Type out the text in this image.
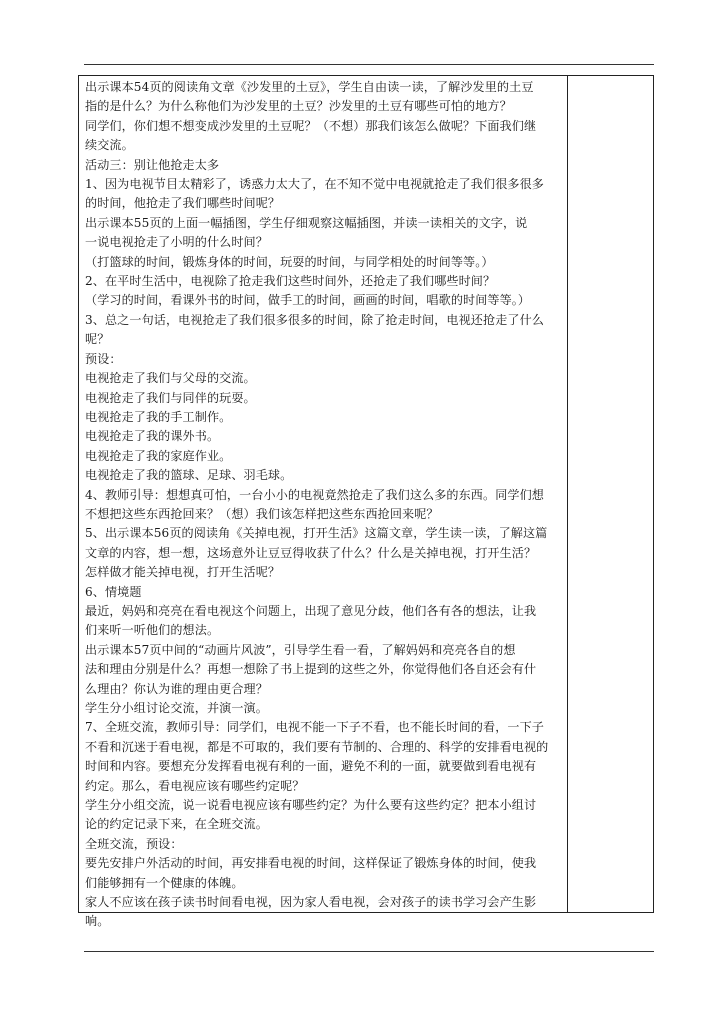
出示课本54页的阅读角文章《沙发里的土豆》，学生自由读一读，了解沙发里的土豆

指的是什么？为什么称他们为沙发里的土豆？沙发里的土豆有哪些可怕的地方？

同学们，你们想不想变成沙发里的土豆呢？（不想）那我们该怎么做呢？下面我们继

续交流。

活动三：别让他抢走太多

1、因为电视节目太精彩了，诱惑力太大了，在不知不觉中电视就抢走了我们很多很多

的时间，他抢走了我们哪些时间呢？

出示课本55页的上面一幅插图，学生仔细观察这幅插图，并读一读相关的文字，说

一说电视抢走了小明的什么时间？

（打篮球的时间，锻炼身体的时间，玩耍的时间，与同学相处的时间等等。）

2、在平时生活中，电视除了抢走我们这些时间外，还抢走了我们哪些时间？

（学习的时间，看课外书的时间，做手工的时间，画画的时间，唱歌的时间等等。）

3、总之一句话，电视抢走了我们很多很多的时间，除了抢走时间，电视还抢走了什么

呢？

预设：

电视抢走了我们与父母的交流。

电视抢走了我们与同伴的玩耍。

电视抢走了我的手工制作。

电视抢走了我的课外书。

电视抢走了我的家庭作业。

电视抢走了我的篮球、足球、羽毛球。

4、教师引导：想想真可怕，一台小小的电视竟然抢走了我们这么多的东西。同学们想

不想把这些东西抢回来？（想）我们该怎样把这些东西抢回来呢？

5、出示课本56页的阅读角《关掉电视，打开生活》这篇文章，学生读一读，了解这篇

文章的内容，想一想，这场意外让豆豆得收获了什么？什么是关掉电视，打开生活？

怎样做才能关掉电视，打开生活呢？

6、情境题

最近，妈妈和亮亮在看电视这个问题上，出现了意见分歧，他们各有各的想法，让我

们来听一听他们的想法。

出示课本57页中间的“动画片风波”，引导学生看一看，了解妈妈和亮亮各自的想

法和理由分别是什么？再想一想除了书上提到的这些之外，你觉得他们各自还会有什

么理由？你认为谁的理由更合理？

学生分小组讨论交流，并演一演。

7、全班交流，教师引导：同学们，电视不能一下子不看，也不能长时间的看，一下子

不看和沉迷于看电视，都是不可取的，我们要有节制的、合理的、科学的安排看电视的

时间和内容。要想充分发挥看电视有利的一面，避免不利的一面，就要做到看电视有

约定。那么，看电视应该有哪些约定呢？

学生分小组交流，说一说看电视应该有哪些约定？为什么要有这些约定？把本小组讨

论的约定记录下来，在全班交流。

全班交流，预设：

要先安排户外活动的时间，再安排看电视的时间，这样保证了锻炼身体的时间，使我

们能够拥有一个健康的体魄。

家人不应该在孩子读书时间看电视，因为家人看电视，会对孩子的读书学习会产生影

响。
